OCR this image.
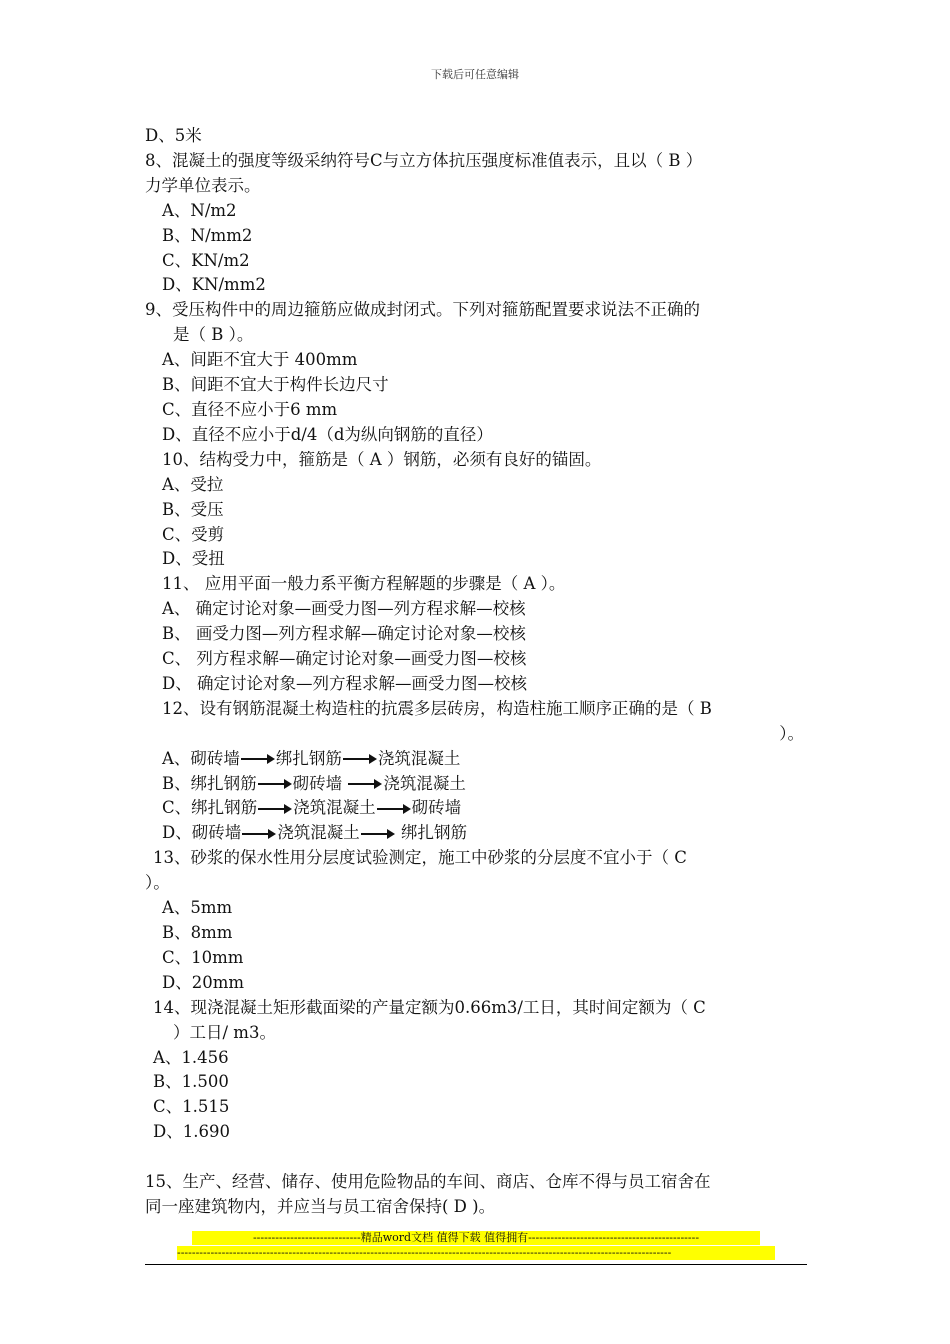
下载后可任意编辑
D、5米
8、混凝土的强度等级采纳符号C与立方体抗压强度标准值表示，且以（ B ）
力学单位表示。
A、N/m2
B、N/mm2
C、KN/m2
D、KN/mm2
9、受压构件中的周边箍筋应做成封闭式。下列对箍筋配置要求说法不正确的
是（ B ）。
A、间距不宜大于 400mm
B、间距不宜大于构件长边尺寸
C、直径不应小于6 mm
D、直径不应小于d/4（d为纵向钢筋的直径）
10、结构受力中，箍筋是（ A ）钢筋，必须有良好的锚固。
A、受拉
B、受压
C、受剪
D、受扭
11、 应用平面一般力系平衡方程解题的步骤是（ A ）。
A、 确定讨论对象—画受力图—列方程求解—校核
B、 画受力图—列方程求解—确定讨论对象—校核
C、 列方程求解—确定讨论对象—画受力图—校核
D、 确定讨论对象—列方程求解—画受力图—校核
12、设有钢筋混凝土构造柱的抗震多层砖房，构造柱施工顺序正确的是（ B
）。
A、砌砖墙 绑扎钢筋 浇筑混凝土
B、绑扎钢筋 砌砖墙 浇筑混凝土
C、绑扎钢筋 浇筑混凝土 砌砖墙
D、砌砖墙 浇筑混凝土 绑扎钢筋
13、砂浆的保水性用分层度试验测定，施工中砂浆的分层度不宜小于（ C
）。
A、5mm
B、8mm
C、10mm
D、20mm
14、现浇混凝土矩形截面梁的产量定额为0.66m3/工日，其时间定额为（ C
）工日/ m3。
A、1.456
B、1.500
C、1.515
D、1.690
15、生产、经营、储存、使用危险物品的车间、商店、仓库不得与员工宿舍在
同一座建筑物内，并应当与员工宿舍保持( D )。
-----------------------------精品word文档 值得下载 值得拥有----------------------------------------------
-------------------------------------------------------------------------------------------------------------------------------------
